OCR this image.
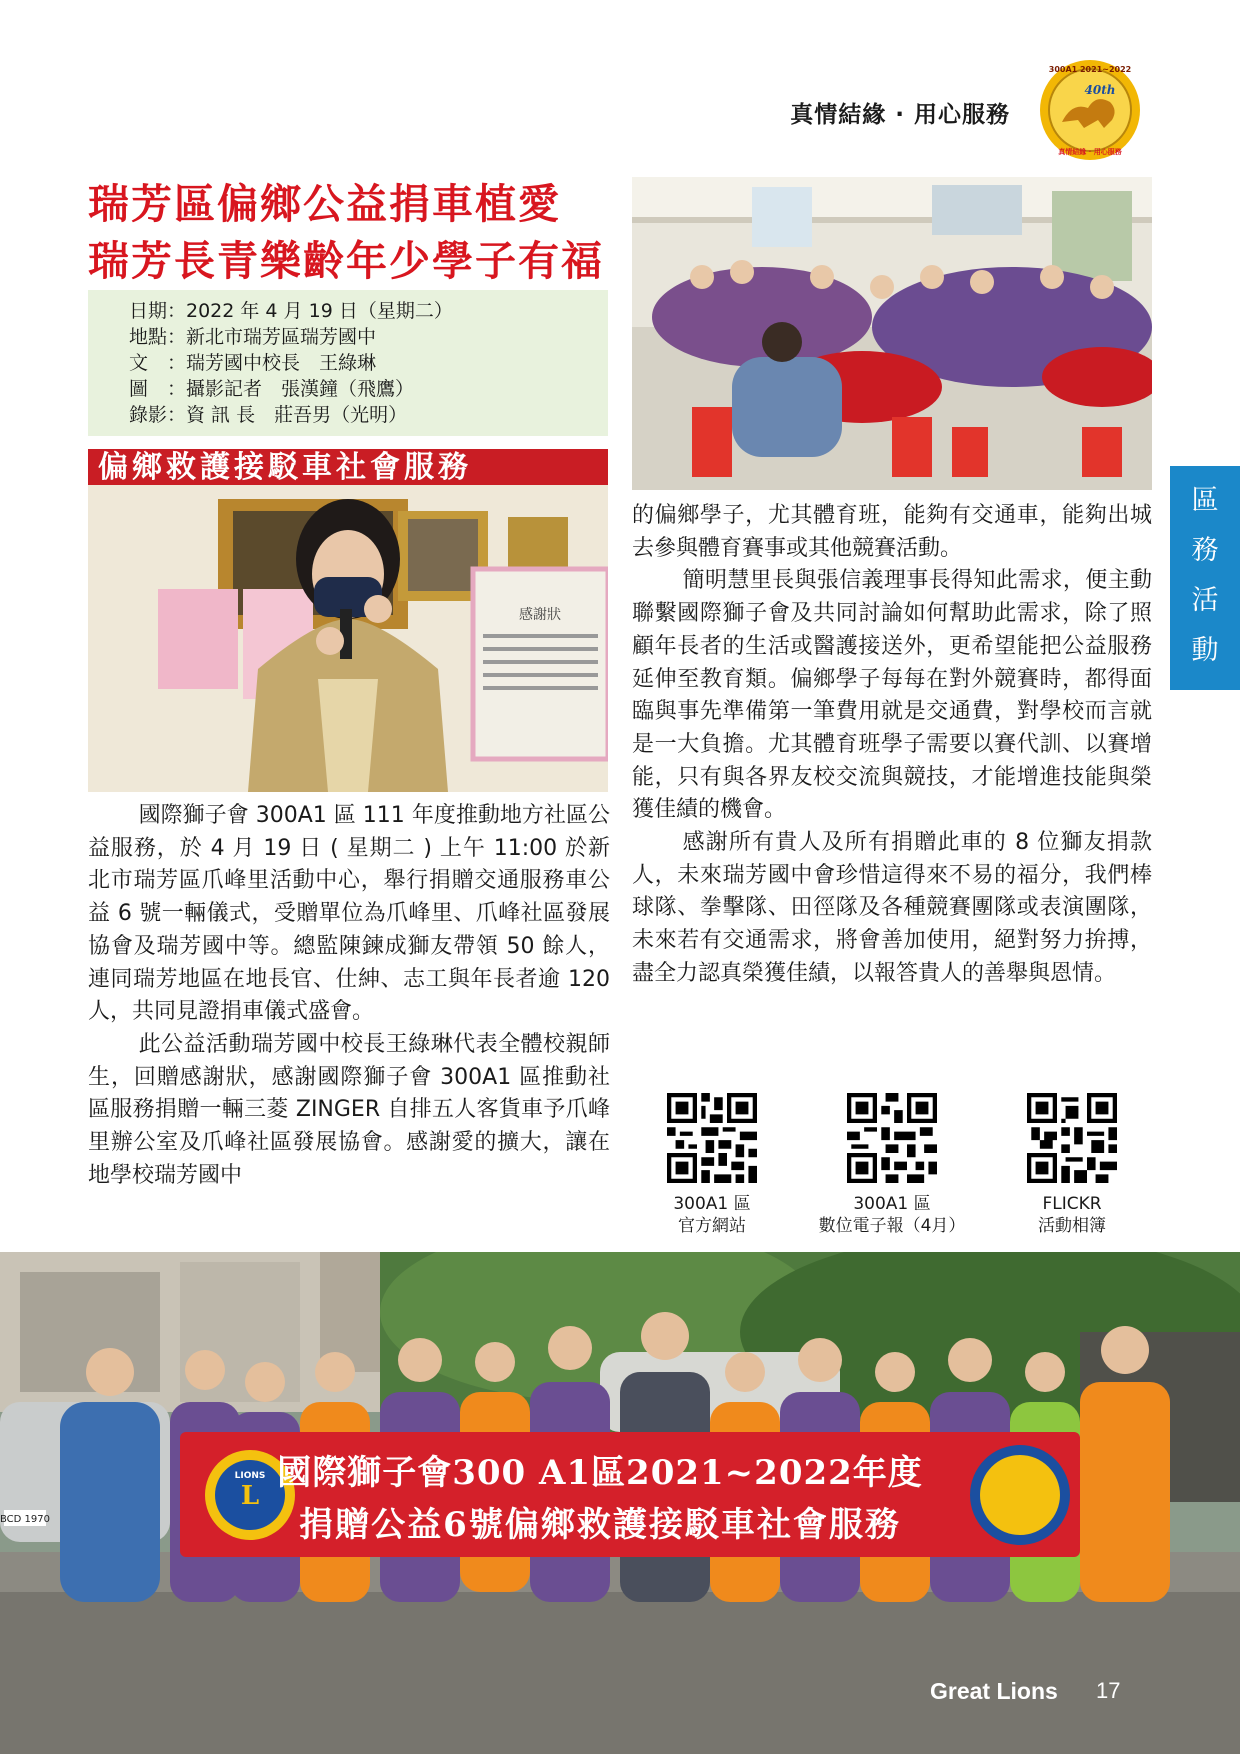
真情結緣 · 用心服務
300A1 2021~2022
40th
真情結緣 · 用心服務
瑞芳區偏鄉公益捐車植愛
瑞芳長青樂齡年少學子有福
日期： 2022 年 4 月 19 日（星期二）
地點： 新北市瑞芳區瑞芳國中
文　： 瑞芳國中校長　王綠琳
圖　： 攝影記者　張漢鐘（飛鷹）
錄影： 資 訊 長　莊吾男（光明）
偏鄉救護接駁車社會服務
感謝狀

國際獅子會 300A1 區 111 年度推動地方社區公益服務，於 4 月 19 日 ( 星期二 ) 上午 11:00 於新北市瑞芳區爪峰里活動中心，舉行捐贈交通服務車公益 6 號一輛儀式，受贈單位為爪峰里、爪峰社區發展協會及瑞芳國中等。總監陳鍊成獅友帶領 50 餘人，連同瑞芳地區在地長官、仕紳、志工與年長者逾 120 人，共同見證捐車儀式盛會。

此公益活動瑞芳國中校長王綠琳代表全體校親師生，回贈感謝狀，感謝國際獅子會 300A1 區推動社區服務捐贈一輛三菱 ZINGER 自排五人客貨車予爪峰里辦公室及爪峰社區發展協會。感謝愛的擴大，讓在地學校瑞芳國中

的偏鄉學子，尤其體育班，能夠有交通車，能夠出城去參與體育賽事或其他競賽活動。

簡明慧里長與張信義理事長得知此需求，便主動聯繫國際獅子會及共同討論如何幫助此需求，除了照顧年長者的生活或醫護接送外，更希望能把公益服務延伸至教育類。偏鄉學子每每在對外競賽時，都得面臨與事先準備第一筆費用就是交通費，對學校而言就是一大負擔。尤其體育班學子需要以賽代訓、以賽增能，只有與各界友校交流與競技，才能增進技能與榮獲佳績的機會。

感謝所有貴人及所有捐贈此車的 8 位獅友捐款人，未來瑞芳國中會珍惜這得來不易的福分，我們棒球隊、拳擊隊、田徑隊及各種競賽團隊或表演團隊，未來若有交通需求，將會善加使用，絕對努力拚搏，盡全力認真榮獲佳績，以報答貴人的善舉與恩情。

300A1 區
官方網站
300A1 區
數位電子報（4月）
FLICKR
活動相簿
區
務
活
動
L
LIONS 國際獅子會300 A1區2021~2022年度
捐贈公益6號偏鄉救護接駁車社會服務
BCD 1970
Great Lions 17
